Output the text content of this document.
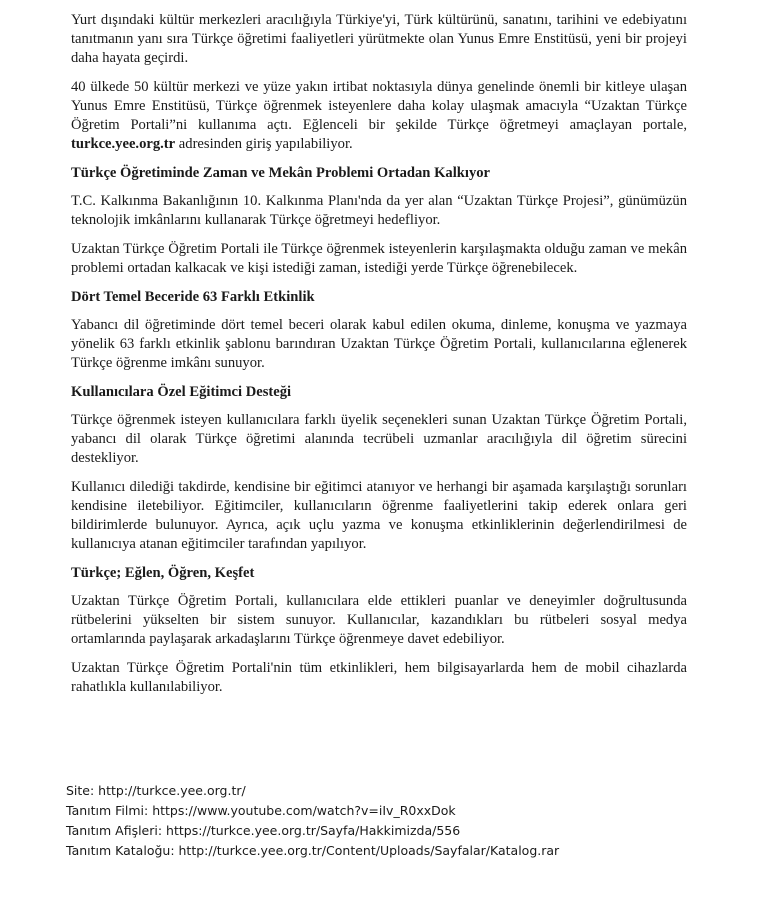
Yurt dışındaki kültür merkezleri aracılığıyla Türkiye'yi, Türk kültürünü, sanatını, tarihini ve edebiyatını tanıtmanın yanı sıra Türkçe öğretimi faaliyetleri yürütmekte olan Yunus Emre Enstitüsü, yeni bir projeyi daha hayata geçirdi.

40 ülkede 50 kültür merkezi ve yüze yakın irtibat noktasıyla dünya genelinde önemli bir kitleye ulaşan Yunus Emre Enstitüsü, Türkçe öğrenmek isteyenlere daha kolay ulaşmak amacıyla “Uzaktan Türkçe Öğretim Portali”ni kullanıma açtı. Eğlenceli bir şekilde Türkçe öğretmeyi amaçlayan portale, turkce.yee.org.tr adresinden giriş yapılabiliyor.

Türkçe Öğretiminde Zaman ve Mekân Problemi Ortadan Kalkıyor

T.C. Kalkınma Bakanlığının 10. Kalkınma Planı'nda da yer alan “Uzaktan Türkçe Projesi”, günümüzün teknolojik imkânlarını kullanarak Türkçe öğretmeyi hedefliyor.

Uzaktan Türkçe Öğretim Portali ile Türkçe öğrenmek isteyenlerin karşılaşmakta olduğu zaman ve mekân problemi ortadan kalkacak ve kişi istediği zaman, istediği yerde Türkçe öğrenebilecek.

Dört Temel Beceride 63 Farklı Etkinlik

Yabancı dil öğretiminde dört temel beceri olarak kabul edilen okuma, dinleme, konuşma ve yazmaya yönelik 63 farklı etkinlik şablonu barındıran Uzaktan Türkçe Öğretim Portali, kullanıcılarına eğlenerek Türkçe öğrenme imkânı sunuyor.

Kullanıcılara Özel Eğitimci Desteği

Türkçe öğrenmek isteyen kullanıcılara farklı üyelik seçenekleri sunan Uzaktan Türkçe Öğretim Portali, yabancı dil olarak Türkçe öğretimi alanında tecrübeli uzmanlar aracılığıyla dil öğretim sürecini destekliyor.

Kullanıcı dilediği takdirde, kendisine bir eğitimci atanıyor ve herhangi bir aşamada karşılaştığı sorunları kendisine iletebiliyor. Eğitimciler, kullanıcıların öğrenme faaliyetlerini takip ederek onlara geri bildirimlerde bulunuyor. Ayrıca, açık uçlu yazma ve konuşma etkinliklerinin değerlendirilmesi de kullanıcıya atanan eğitimciler tarafından yapılıyor.

Türkçe; Eğlen, Öğren, Keşfet

Uzaktan Türkçe Öğretim Portali, kullanıcılara elde ettikleri puanlar ve deneyimler doğrultusunda rütbelerini yükselten bir sistem sunuyor. Kullanıcılar, kazandıkları bu rütbeleri sosyal medya ortamlarında paylaşarak arkadaşlarını Türkçe öğrenmeye davet edebiliyor.

Uzaktan Türkçe Öğretim Portali'nin tüm etkinlikleri, hem bilgisayarlarda hem de mobil cihazlarda rahatlıkla kullanılabiliyor.

Site: http://turkce.yee.org.tr/
Tanıtım Filmi: https://www.youtube.com/watch?v=iIv_R0xxDok
Tanıtım Afişleri: https://turkce.yee.org.tr/Sayfa/Hakkimizda/556
Tanıtım Kataloğu: http://turkce.yee.org.tr/Content/Uploads/Sayfalar/Katalog.rar
